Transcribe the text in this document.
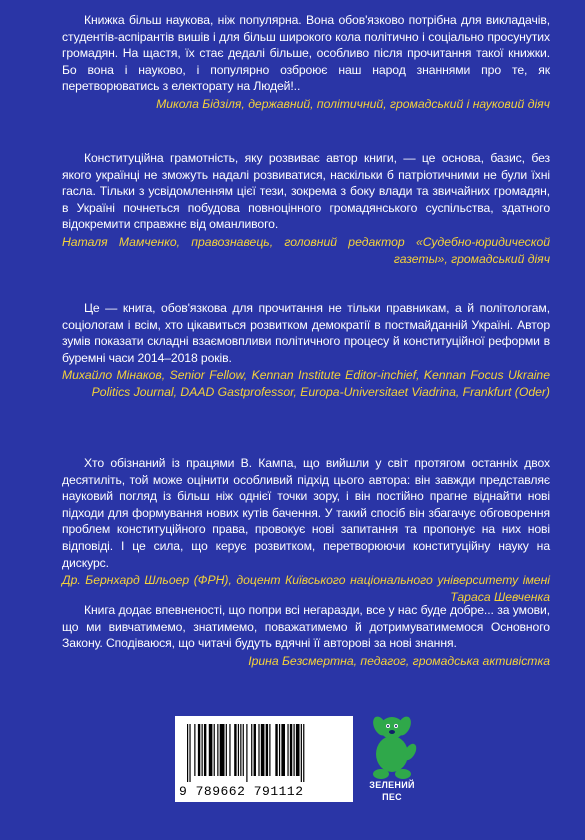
Книжка більш наукова, ніж популярна. Вона обов'язково потрібна для викладачів, студентів-аспірантів вишів і для більш широкого кола політично і соціально просунутих громадян. На щастя, їх стає дедалі більше, особливо після прочитання такої книжки. Бо вона і науково, і популярно озброює наш народ знаннями про те, як перетворюватись з електорату на Людей!..

Микола Бідзіля, державний, політичний, громадський і науковий діяч

Конституційна грамотність, яку розвиває автор книги, — це основа, базис, без якого українці не зможуть надалі розвиватися, наскільки б патріотичними не були їхні гасла. Тільки з усвідомленням цієї тези, зокрема з боку влади та звичайних громадян, в Україні почнеться побудова повноцінного громадянського суспільства, здатного відокремити справжнє від оманливого.

Наталя Мамченко, правознавець, головний редактор «Судебно-юридической газеты», громадський діяч

Це — книга, обов'язкова для прочитання не тільки правникам, а й політологам, соціологам і всім, хто цікавиться розвитком демократії в постмайданній Україні. Автор зумів показати складні взаємовпливи політичного процесу й конституційної реформи в буремні часи 2014–2018 років.

Михайло Мінаков, Senior Fellow, Kennan Institute Editor-inchief, Kennan Focus Ukraine Politics Journal, DAAD Gastprofessor, Europa-Universitaet Viadrina, Frankfurt (Oder)

Хто обізнаний із працями В. Кампа, що вийшли у світ протягом останніх двох десятиліть, той може оцінити особливий підхід цього автора: він завжди представляє науковий погляд із більш ніж однієї точки зору, і він постійно прагне віднайти нові підходи для формування нових кутів бачення. У такий спосіб він збагачує обговорення проблем конституційного права, провокує нові запитання та пропонує на них нові відповіді. І це сила, що керує розвитком, перетворюючи конституційну науку на дискурс.

Др. Бернхард Шльоер (ФРН), доцент Київського національного університету імені Тараса Шевченка

Книга додає впевненості, що попри всі негаразди, все у нас буде добре... за умови, що ми вивчатимемо, знатимемо, поважатимемо й дотримуватимемося Основного Закону. Сподіваюся, що читачі будуть вдячні її авторові за нові знання.

Ірина Безсмертна, педагог, громадська активістка

9 789662 791112	ЗЕЛЕНИЙ
ПЕС
